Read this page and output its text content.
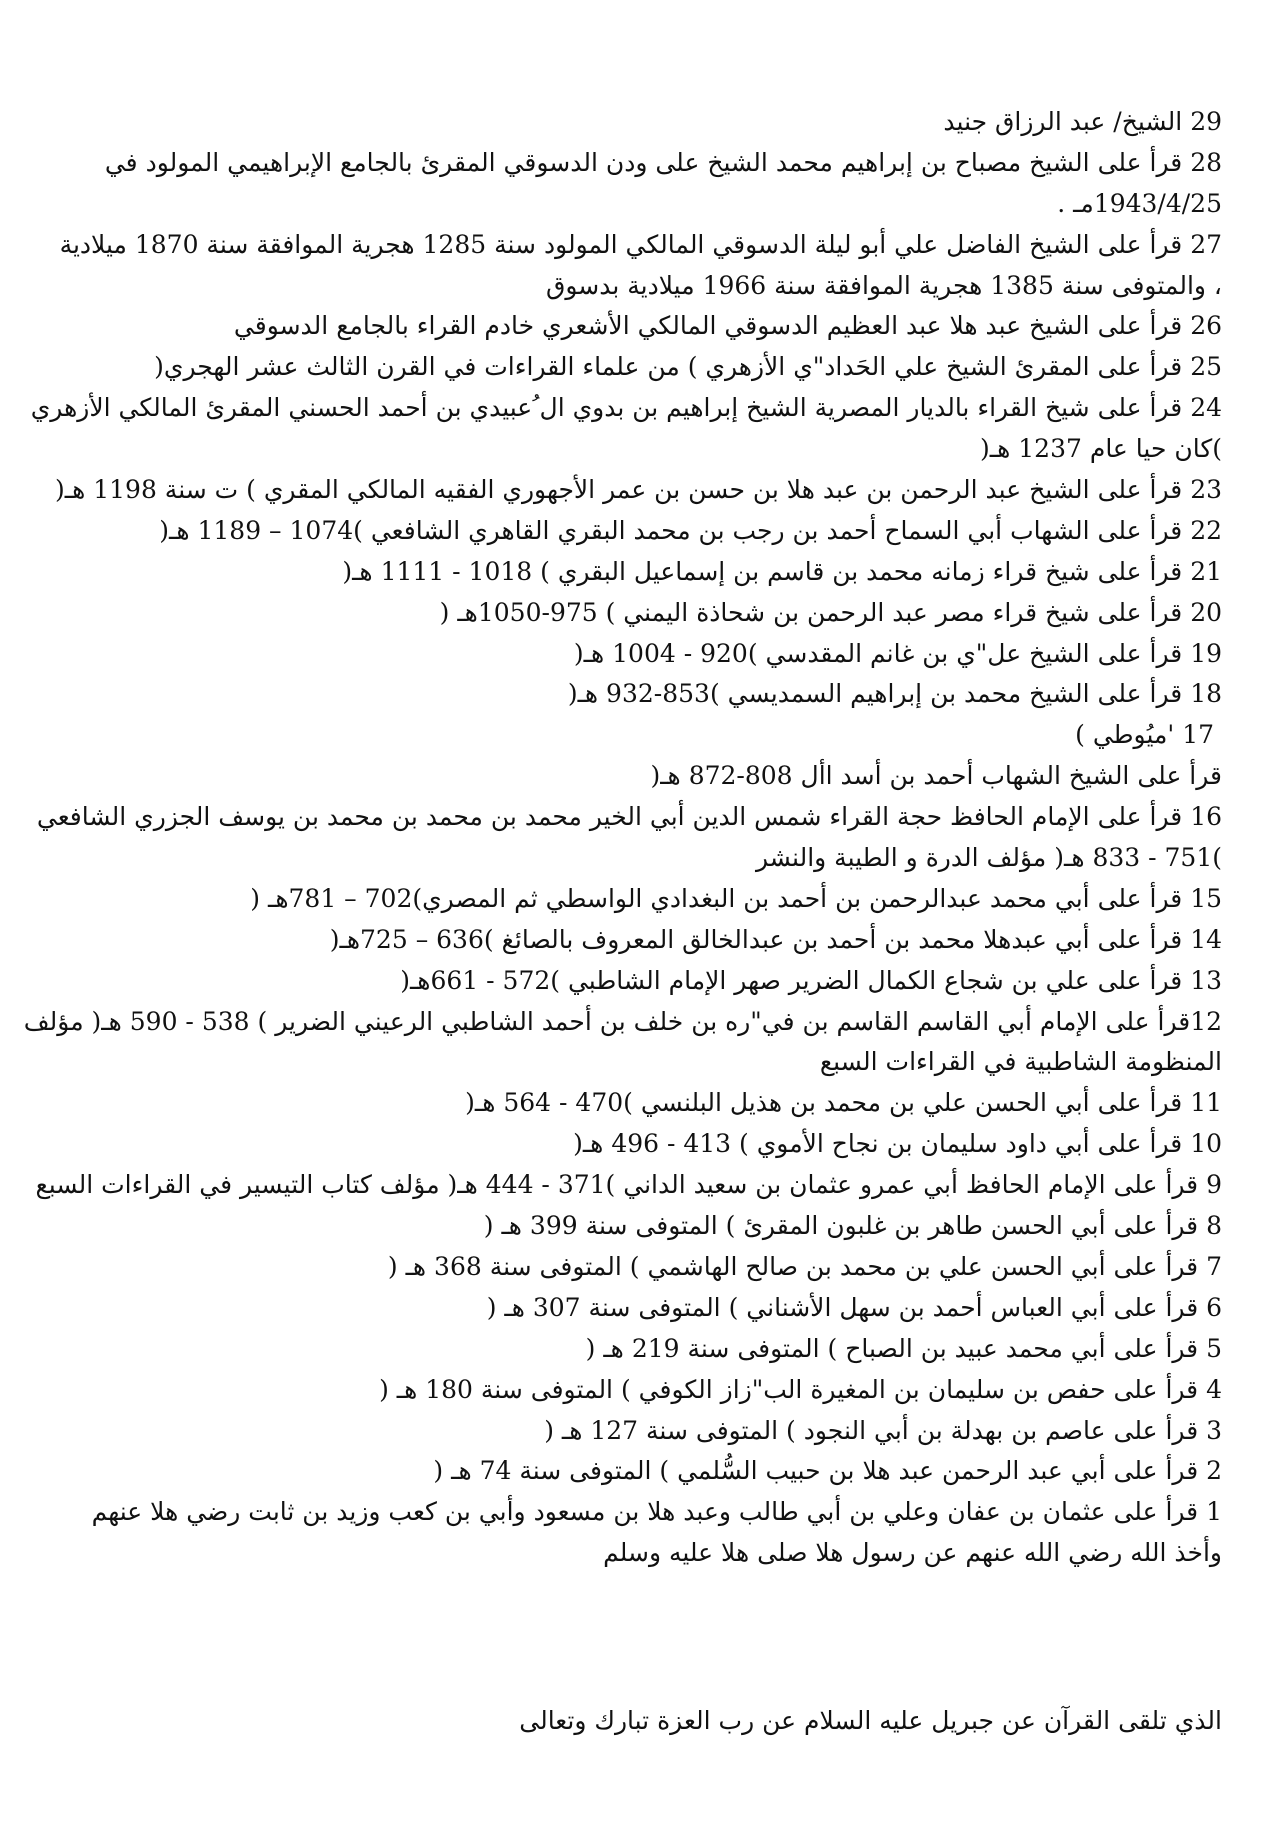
29 الشيخ/ عبد الرزاق جنيد

28 قرأ على الشيخ مصباح بن إبراهيم محمد الشيخ على ودن الدسوقي المقرئ بالجامع الإبراهيمي المولود في

1943/4/25مـ .

27 قرأ على الشيخ الفاضل علي أبو ليلة الدسوقي المالكي المولود سنة 1285 هجرية الموافقة سنة 1870 ميلادية

، والمتوفى سنة 1385 هجرية الموافقة سنة 1966 ميلادية بدسوق

26 قرأ على الشيخ عبد هلا عبد العظيم الدسوقي المالكي الأشعري خادم القراء بالجامع الدسوقي

25 قرأ على المقرئ الشيخ علي الحَداد"ي الأزهري ) من علماء القراءات في القرن الثالث عشر الهجري(

24 قرأ على شيخ القراء بالديار المصرية الشيخ إبراهيم بن بدوي ال ُعبيدي بن أحمد الحسني المقرئ المالكي الأزهري

)كان حيا عام 1237 هـ(

23 قرأ على الشيخ عبد الرحمن بن عبد هلا بن حسن بن عمر الأجهوري الفقيه المالكي المقري ) ت سنة 1198 هـ(

22 قرأ على الشهاب أبي السماح أحمد بن رجب بن محمد البقري القاهري الشافعي )1074 – 1189 هـ(

21 قرأ على شيخ قراء زمانه محمد بن قاسم بن إسماعيل البقري ) 1018 - 1111 هـ(

20 قرأ على شيخ قراء مصر عبد الرحمن بن شحاذة اليمني ) 975-1050هـ (

19 قرأ على الشيخ عل"ي بن غانم المقدسي )920 - 1004 هـ(

18 قرأ على الشيخ محمد بن إبراهيم السمديسي )853-932 هـ(

ُ 17 'ميُوطي )

قرأ على الشيخ الشهاب أحمد بن أسد األ 808-872 هـ(

16 قرأ على الإمام الحافظ حجة القراء شمس الدين أبي الخير محمد بن محمد بن محمد بن يوسف الجزري الشافعي

)751 - 833 هـ( مؤلف الدرة و الطيبة والنشر

15 قرأ على أبي محمد عبدالرحمن بن أحمد بن البغدادي الواسطي ثم المصري)702 – 781هـ (

14 قرأ على أبي عبدهلا محمد بن أحمد بن عبدالخالق المعروف بالصائغ )636 – 725هـ(

13 قرأ على علي بن شجاع الكمال الضرير صهر الإمام الشاطبي )572 - 661هـ(

12قرأ على الإمام أبي القاسم القاسم بن في"ره بن خلف بن أحمد الشاطبي الرعيني الضرير ) 538 - 590 هـ( مؤلف

المنظومة الشاطبية في القراءات السبع

11 قرأ على أبي الحسن علي بن محمد بن هذيل البلنسي )470 - 564 هـ(

10 قرأ على أبي داود سليمان بن نجاح الأموي ) 413 - 496 هـ(

9 قرأ على الإمام الحافظ أبي عمرو عثمان بن سعيد الداني )371 - 444 هـ( مؤلف كتاب التيسير في القراءات السبع

8 قرأ على أبي الحسن طاهر بن غلبون المقرئ ) المتوفى سنة 399 هـ (

7 قرأ على أبي الحسن علي بن محمد بن صالح الهاشمي ) المتوفى سنة 368 هـ (

6 قرأ على أبي العباس أحمد بن سهل الأشناني ) المتوفى سنة 307 هـ (

5 قرأ على أبي محمد عبيد بن الصباح ) المتوفى سنة 219 هـ (

4 قرأ على حفص بن سليمان بن المغيرة الب"زاز الكوفي ) المتوفى سنة 180 هـ (

3 قرأ على عاصم بن بهدلة بن أبي النجود ) المتوفى سنة 127 هـ (

2 قرأ على أبي عبد الرحمن عبد هلا بن حبيب السُّلمي ) المتوفى سنة 74 هـ (

1 قرأ على عثمان بن عفان وعلي بن أبي طالب وعبد هلا بن مسعود وأبي بن كعب وزيد بن ثابت رضي هلا عنهم

وأخذ الله رضي الله عنهم عن رسول هلا صلى هلا عليه وسلم

الذي تلقى القرآن عن جبريل عليه السلام عن رب العزة تبارك وتعالى
